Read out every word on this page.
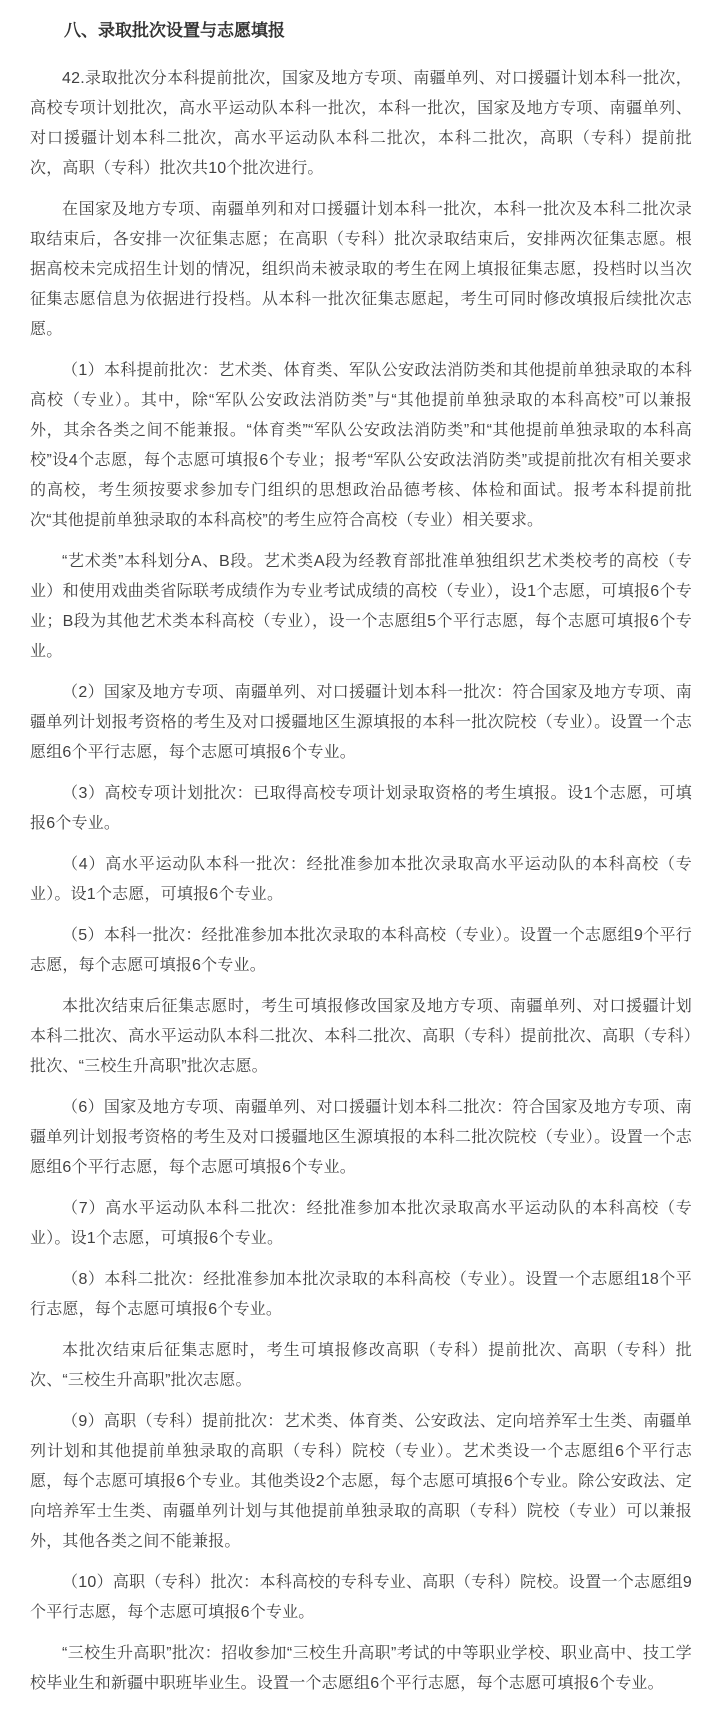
八、录取批次设置与志愿填报

42.录取批次分本科提前批次，国家及地方专项、南疆单列、对口援疆计划本科一批次，高校专项计划批次，高水平运动队本科一批次，本科一批次，国家及地方专项、南疆单列、对口援疆计划本科二批次，高水平运动队本科二批次，本科二批次，高职（专科）提前批次，高职（专科）批次共10个批次进行。

在国家及地方专项、南疆单列和对口援疆计划本科一批次，本科一批次及本科二批次录取结束后，各安排一次征集志愿；在高职（专科）批次录取结束后，安排两次征集志愿。根据高校未完成招生计划的情况，组织尚未被录取的考生在网上填报征集志愿，投档时以当次征集志愿信息为依据进行投档。从本科一批次征集志愿起，考生可同时修改填报后续批次志愿。

（1）本科提前批次：艺术类、体育类、军队公安政法消防类和其他提前单独录取的本科高校（专业）。其中，除“军队公安政法消防类”与“其他提前单独录取的本科高校”可以兼报外，其余各类之间不能兼报。“体育类”“军队公安政法消防类”和“其他提前单独录取的本科高校”设4个志愿，每个志愿可填报6个专业；报考“军队公安政法消防类”或提前批次有相关要求的高校，考生须按要求参加专门组织的思想政治品德考核、体检和面试。报考本科提前批次“其他提前单独录取的本科高校”的考生应符合高校（专业）相关要求。

“艺术类”本科划分A、B段。艺术类A段为经教育部批准单独组织艺术类校考的高校（专业）和使用戏曲类省际联考成绩作为专业考试成绩的高校（专业），设1个志愿，可填报6个专业；B段为其他艺术类本科高校（专业），设一个志愿组5个平行志愿，每个志愿可填报6个专业。

（2）国家及地方专项、南疆单列、对口援疆计划本科一批次：符合国家及地方专项、南疆单列计划报考资格的考生及对口援疆地区生源填报的本科一批次院校（专业）。设置一个志愿组6个平行志愿，每个志愿可填报6个专业。

（3）高校专项计划批次：已取得高校专项计划录取资格的考生填报。设1个志愿，可填报6个专业。

（4）高水平运动队本科一批次：经批准参加本批次录取高水平运动队的本科高校（专业）。设1个志愿，可填报6个专业。

（5）本科一批次：经批准参加本批次录取的本科高校（专业）。设置一个志愿组9个平行志愿，每个志愿可填报6个专业。

本批次结束后征集志愿时，考生可填报修改国家及地方专项、南疆单列、对口援疆计划本科二批次、高水平运动队本科二批次、本科二批次、高职（专科）提前批次、高职（专科）批次、“三校生升高职”批次志愿。

（6）国家及地方专项、南疆单列、对口援疆计划本科二批次：符合国家及地方专项、南疆单列计划报考资格的考生及对口援疆地区生源填报的本科二批次院校（专业）。设置一个志愿组6个平行志愿，每个志愿可填报6个专业。

（7）高水平运动队本科二批次：经批准参加本批次录取高水平运动队的本科高校（专业）。设1个志愿，可填报6个专业。

（8）本科二批次：经批准参加本批次录取的本科高校（专业）。设置一个志愿组18个平行志愿，每个志愿可填报6个专业。

本批次结束后征集志愿时，考生可填报修改高职（专科）提前批次、高职（专科）批次、“三校生升高职”批次志愿。

（9）高职（专科）提前批次：艺术类、体育类、公安政法、定向培养军士生类、南疆单列计划和其他提前单独录取的高职（专科）院校（专业）。艺术类设一个志愿组6个平行志愿，每个志愿可填报6个专业。其他类设2个志愿，每个志愿可填报6个专业。除公安政法、定向培养军士生类、南疆单列计划与其他提前单独录取的高职（专科）院校（专业）可以兼报外，其他各类之间不能兼报。

（10）高职（专科）批次：本科高校的专科专业、高职（专科）院校。设置一个志愿组9个平行志愿，每个志愿可填报6个专业。

“三校生升高职”批次：招收参加“三校生升高职”考试的中等职业学校、职业高中、技工学校毕业生和新疆中职班毕业生。设置一个志愿组6个平行志愿，每个志愿可填报6个专业。
